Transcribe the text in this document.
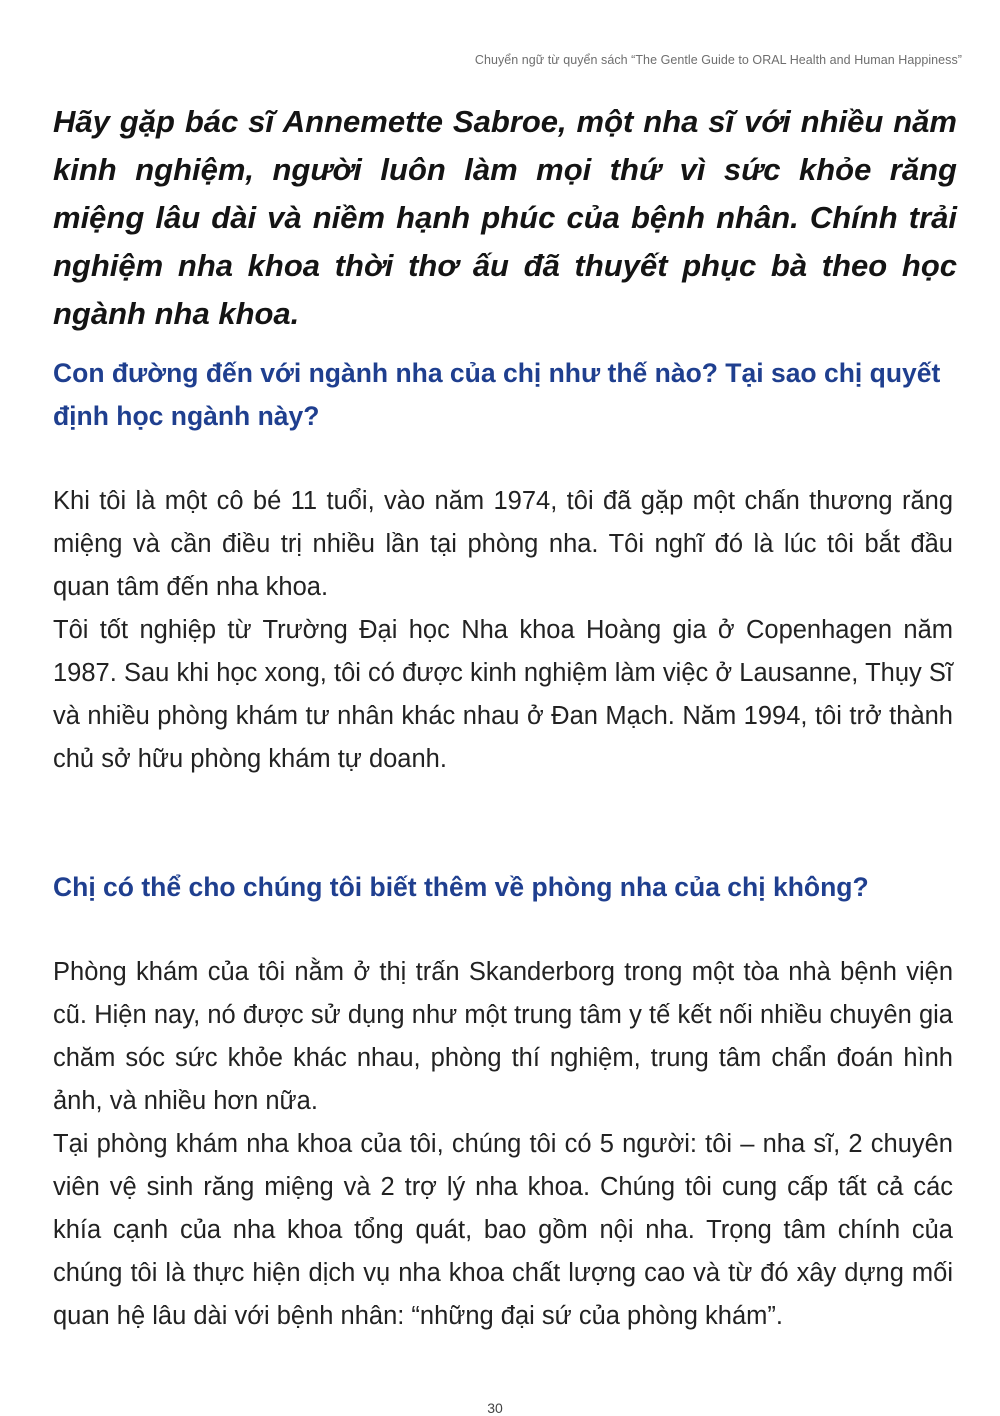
Chuyển ngữ từ quyển sách “The Gentle Guide to ORAL Health and Human Happiness”

Hãy gặp bác sĩ Annemette Sabroe, một nha sĩ với nhiều năm kinh nghiệm, người luôn làm mọi thứ vì sức khỏe răng miệng lâu dài và niềm hạnh phúc của bệnh nhân. Chính trải nghiệm nha khoa thời thơ ấu đã thuyết phục bà theo học ngành nha khoa.

Con đường đến với ngành nha của chị như thế nào? Tại sao chị quyết định học ngành này?

Khi tôi là một cô bé 11 tuổi, vào năm 1974, tôi đã gặp một chấn thương răng miệng và cần điều trị nhiều lần tại phòng nha. Tôi nghĩ đó là lúc tôi bắt đầu quan tâm đến nha khoa.

Tôi tốt nghiệp từ Trường Đại học Nha khoa Hoàng gia ở Copenhagen năm 1987. Sau khi học xong, tôi có được kinh nghiệm làm việc ở Lausanne, Thụy Sĩ và nhiều phòng khám tư nhân khác nhau ở Đan Mạch. Năm 1994, tôi trở thành chủ sở hữu phòng khám tự doanh.

Chị có thể cho chúng tôi biết thêm về phòng nha của chị không?

Phòng khám của tôi nằm ở thị trấn Skanderborg trong một tòa nhà bệnh viện cũ. Hiện nay, nó được sử dụng như một trung tâm y tế kết nối nhiều chuyên gia chăm sóc sức khỏe khác nhau, phòng thí nghiệm, trung tâm chẩn đoán hình ảnh, và nhiều hơn nữa.

Tại phòng khám nha khoa của tôi, chúng tôi có 5 người: tôi – nha sĩ, 2 chuyên viên vệ sinh răng miệng và 2 trợ lý nha khoa. Chúng tôi cung cấp tất cả các khía cạnh của nha khoa tổng quát, bao gồm nội nha. Trọng tâm chính của chúng tôi là thực hiện dịch vụ nha khoa chất lượng cao và từ đó xây dựng mối quan hệ lâu dài với bệnh nhân: “những đại sứ của phòng khám”.

30
